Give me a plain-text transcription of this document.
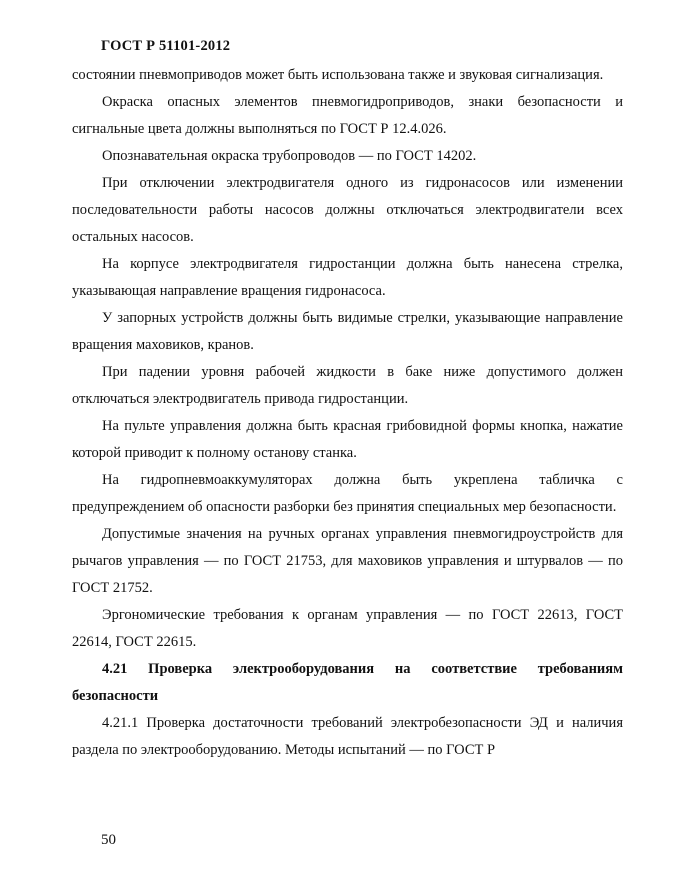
ГОСТ Р 51101-2012

состоянии пневмоприводов может быть использована также и звуковая сигнализация.

Окраска опасных элементов пневмогидроприводов, знаки безопасности и сигнальные цвета должны выполняться по ГОСТ Р 12.4.026.

Опознавательная окраска трубопроводов — по ГОСТ 14202.

При отключении электродвигателя одного из гидронасосов или изменении последовательности работы насосов должны отключаться электродвигатели всех остальных насосов.

На корпусе электродвигателя гидростанции должна быть нанесена стрелка, указывающая направление вращения гидронасоса.

У запорных устройств должны быть видимые стрелки, указывающие направление вращения маховиков, кранов.

При падении уровня рабочей жидкости в баке ниже допустимого должен отключаться электродвигатель привода гидростанции.

На пульте управления должна быть красная грибовидной формы кнопка, нажатие которой приводит к полному останову станка.

На гидропневмоаккумуляторах должна быть укреплена табличка с предупреждением об опасности разборки без принятия специальных мер безопасности.

Допустимые значения на ручных органах управления пневмогидроустройств для рычагов управления — по ГОСТ 21753, для маховиков управления и штурвалов — по ГОСТ 21752.

Эргономические требования к органам управления — по ГОСТ 22613, ГОСТ 22614, ГОСТ 22615.

4.21 Проверка электрооборудования на соответствие требованиям безопасности

4.21.1 Проверка достаточности требований электробезопасности ЭД и наличия раздела по электрооборудованию. Методы испытаний — по ГОСТ Р

50
